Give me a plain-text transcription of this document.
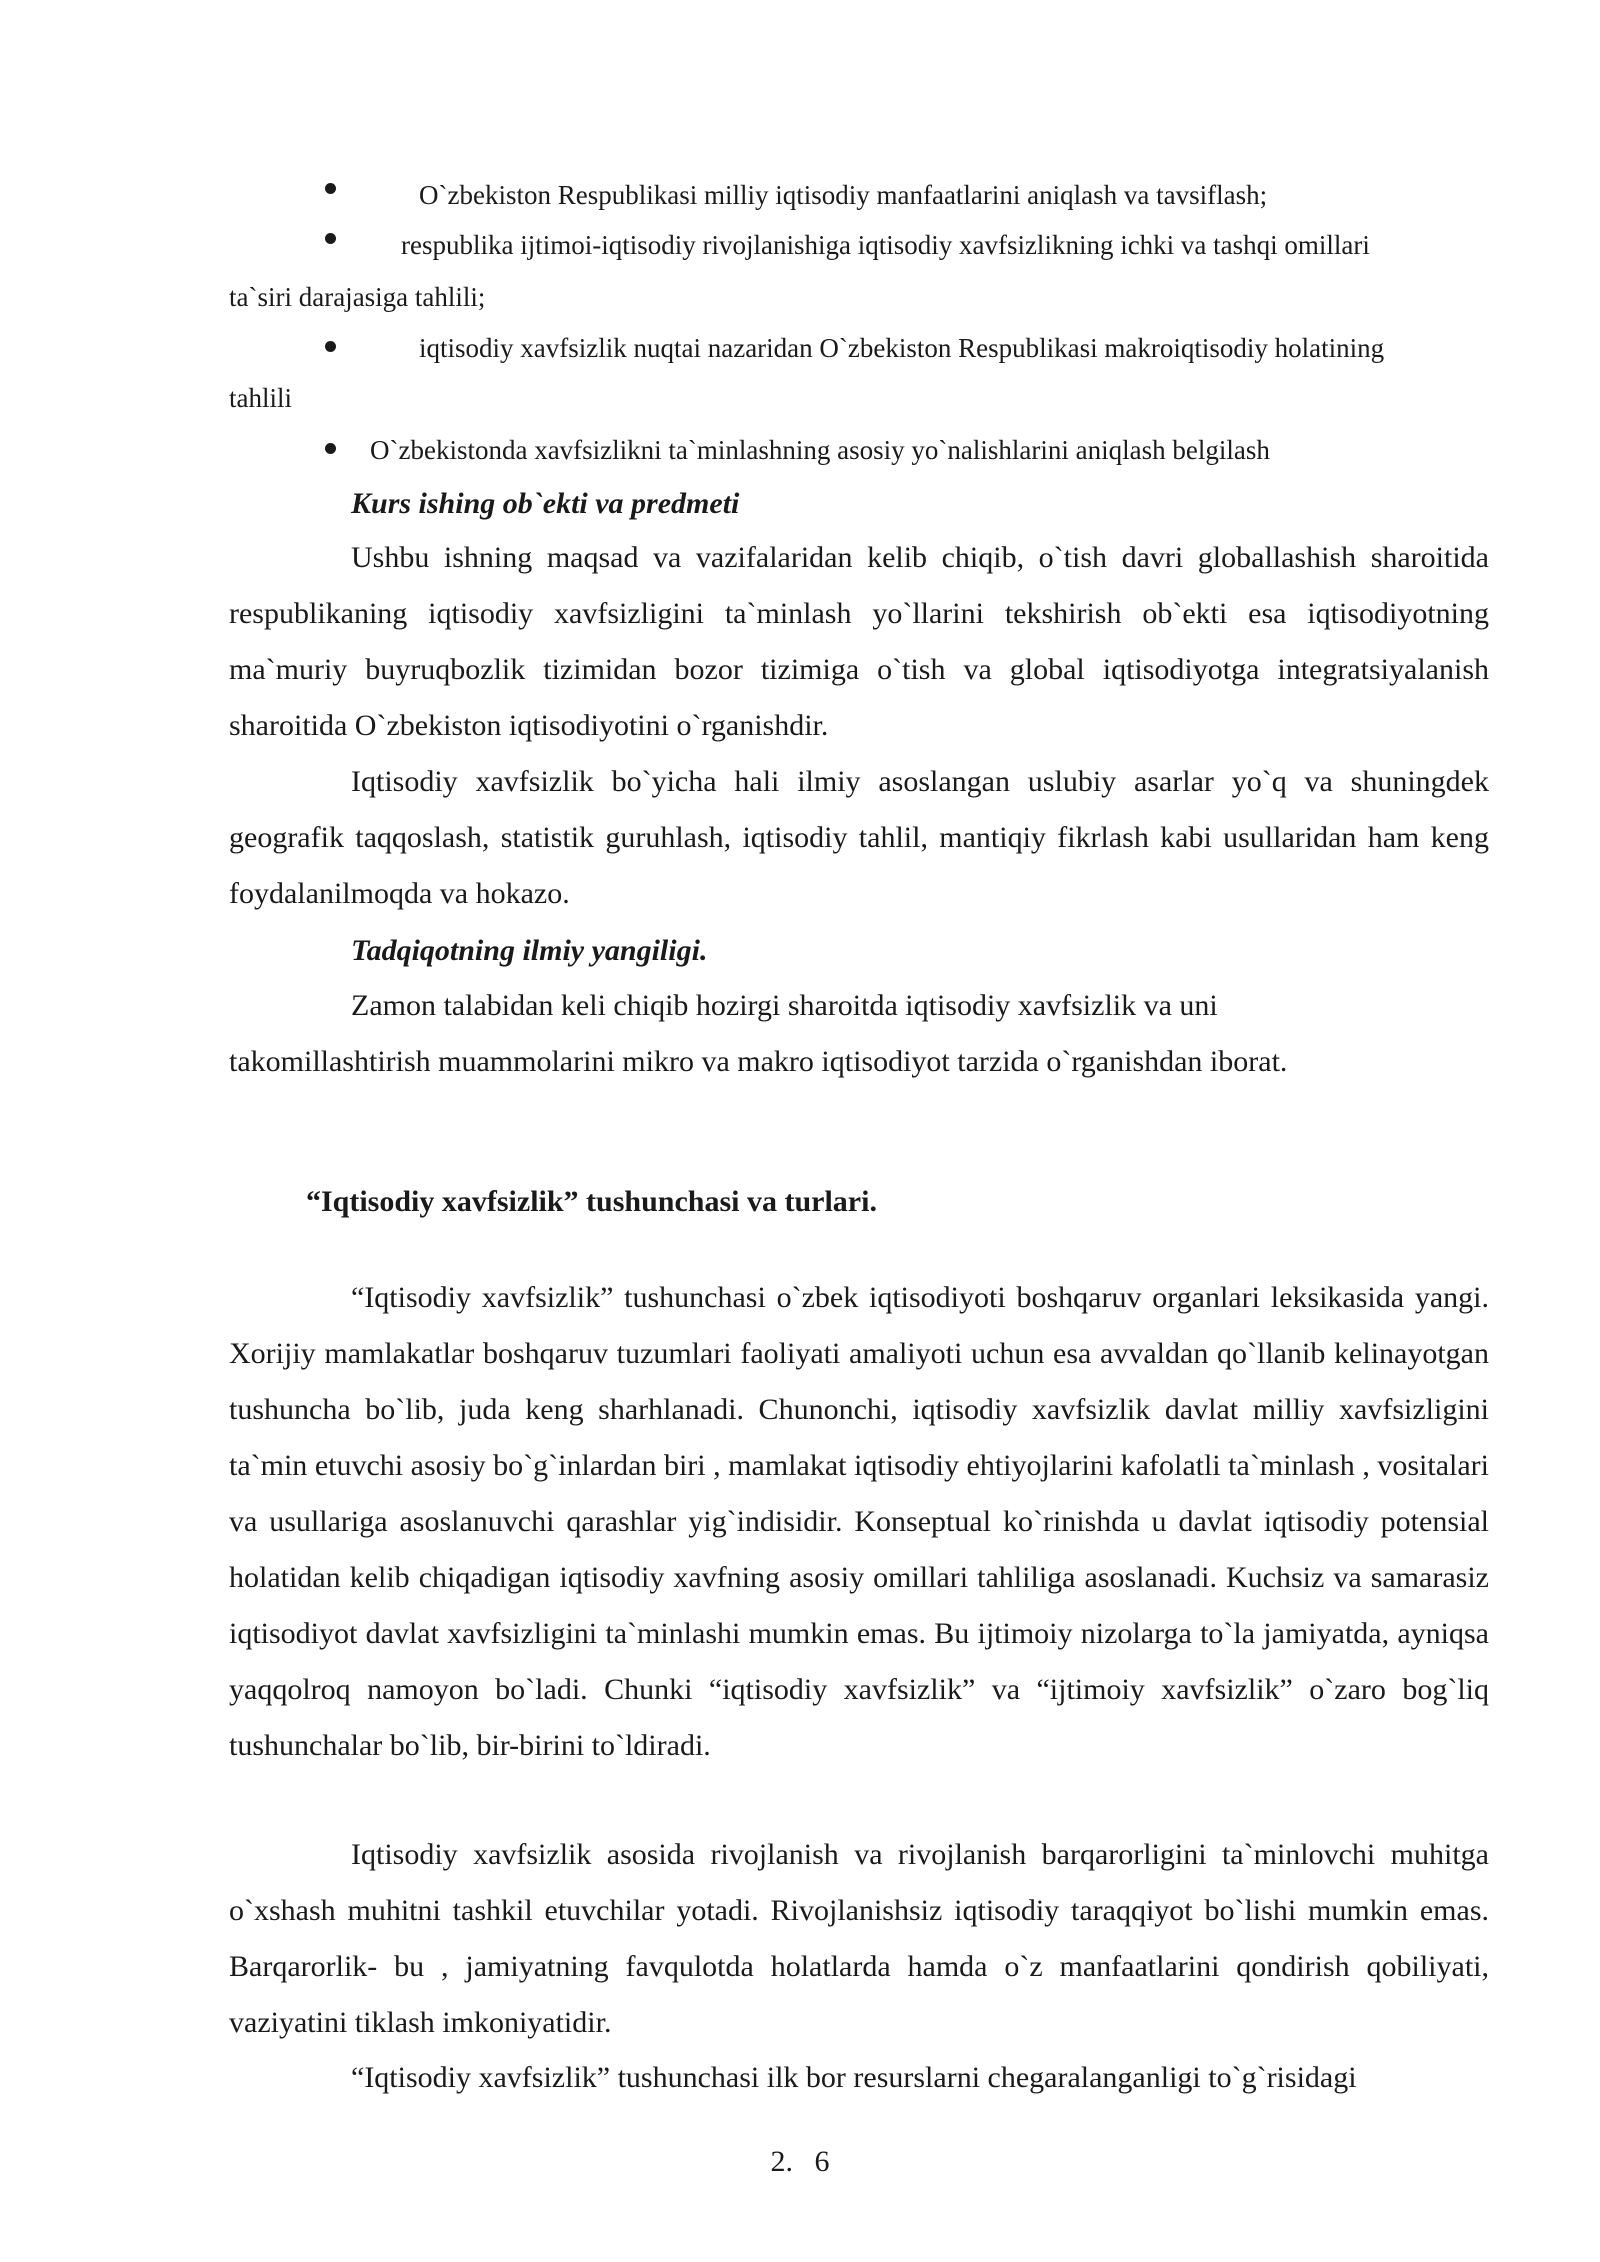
O`zbekiston Respublikasi milliy iqtisodiy manfaatlarini aniqlash va tavsiflash;
respublika ijtimoi-iqtisodiy rivojlanishiga iqtisodiy xavfsizlikning ichki va tashqi omillari
ta`siri darajasiga tahlili;
iqtisodiy xavfsizlik nuqtai nazaridan O`zbekiston Respublikasi makroiqtisodiy holatining
tahlili
O`zbekistonda xavfsizlikni ta`minlashning asosiy yo`nalishlarini aniqlash belgilash
Kurs ishing ob`ekti va predmeti

Ushbu ishning maqsad va vazifalaridan kelib chiqib, o`tish davri globallashish sharoitida respublikaning iqtisodiy xavfsizligini ta`minlash yo`llarini tekshirish ob`ekti esa iqtisodiyotning ma`muriy buyruqbozlik tizimidan bozor tizimiga o`tish va global iqtisodiyotga integratsiyalanish sharoitida O`zbekiston iqtisodiyotini o`rganishdir.

Iqtisodiy xavfsizlik bo`yicha hali ilmiy asoslangan uslubiy asarlar yo`q va shuningdek geografik taqqoslash, statistik guruhlash, iqtisodiy tahlil, mantiqiy fikrlash kabi usullaridan ham keng foydalanilmoqda va hokazo.

Tadqiqotning ilmiy yangiligi.
Zamon talabidan keli chiqib hozirgi sharoitda iqtisodiy xavfsizlik va uni
takomillashtirish muammolarini mikro va makro iqtisodiyot tarzida o`rganishdan iborat.
“Iqtisodiy xavfsizlik” tushunchasi va turlari.

“Iqtisodiy xavfsizlik” tushunchasi o`zbek iqtisodiyoti boshqaruv organlari leksikasida yangi. Xorijiy mamlakatlar boshqaruv tuzumlari faoliyati amaliyoti uchun esa avvaldan qo`llanib kelinayotgan tushuncha bo`lib, juda keng sharhlanadi. Chunonchi, iqtisodiy xavfsizlik davlat milliy xavfsizligini ta`min etuvchi asosiy bo`g`inlardan biri , mamlakat iqtisodiy ehtiyojlarini kafolatli ta`minlash , vositalari va usullariga asoslanuvchi qarashlar yig`indisidir. Konseptual ko`rinishda u davlat iqtisodiy potensial holatidan kelib chiqadigan iqtisodiy xavfning asosiy omillari tahliliga asoslanadi. Kuchsiz va samarasiz iqtisodiyot davlat xavfsizligini ta`minlashi mumkin emas. Bu ijtimoiy nizolarga to`la jamiyatda, ayniqsa yaqqolroq namoyon bo`ladi. Chunki “iqtisodiy xavfsizlik” va “ijtimoiy xavfsizlik” o`zaro bog`liq tushunchalar bo`lib, bir-birini to`ldiradi.

Iqtisodiy xavfsizlik asosida rivojlanish va rivojlanish barqarorligini ta`minlovchi muhitga o`xshash muhitni tashkil etuvchilar yotadi. Rivojlanishsiz iqtisodiy taraqqiyot bo`lishi mumkin emas. Barqarorlik- bu , jamiyatning favqulotda holatlarda hamda o`z manfaatlarini qondirish qobiliyati, vaziyatini tiklash imkoniyatidir.

“Iqtisodiy xavfsizlik” tushunchasi ilk bor resurslarni chegaralanganligi to`g`risidagi

2. 6
